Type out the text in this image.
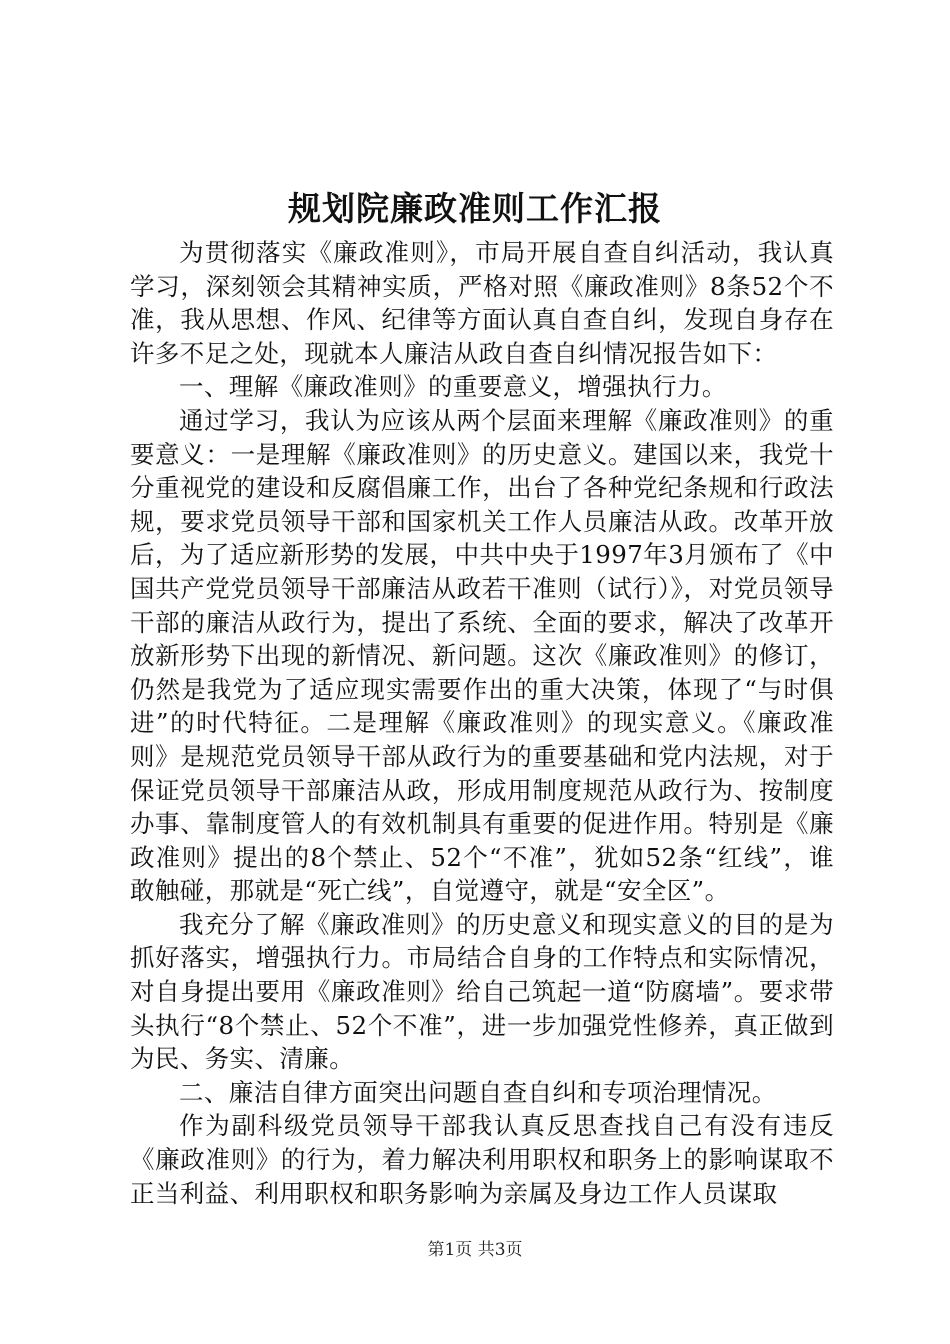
规划院廉政准则工作汇报

为贯彻落实《廉政准则》，市局开展自查自纠活动，我认真学习，深刻领会其精神实质，严格对照《廉政准则》8条52个不准，我从思想、作风、纪律等方面认真自查自纠，发现自身存在许多不足之处，现就本人廉洁从政自查自纠情况报告如下：

一、理解《廉政准则》的重要意义，增强执行力。

通过学习，我认为应该从两个层面来理解《廉政准则》的重要意义：一是理解《廉政准则》的历史意义。建国以来，我党十分重视党的建设和反腐倡廉工作，出台了各种党纪条规和行政法规，要求党员领导干部和国家机关工作人员廉洁从政。改革开放后，为了适应新形势的发展，中共中央于1997年3月颁布了《中国共产党党员领导干部廉洁从政若干准则（试行）》，对党员领导干部的廉洁从政行为，提出了系统、全面的要求，解决了改革开放新形势下出现的新情况、新问题。这次《廉政准则》的修订，仍然是我党为了适应现实需要作出的重大决策，体现了“与时俱进”的时代特征。二是理解《廉政准则》的现实意义。《廉政准则》是规范党员领导干部从政行为的重要基础和党内法规，对于保证党员领导干部廉洁从政，形成用制度规范从政行为、按制度办事、靠制度管人的有效机制具有重要的促进作用。特别是《廉政准则》提出的8个禁止、52个“不准”，犹如52条“红线”，谁敢触碰，那就是“死亡线”，自觉遵守，就是“安全区”。

我充分了解《廉政准则》的历史意义和现实意义的目的是为抓好落实，增强执行力。市局结合自身的工作特点和实际情况，对自身提出要用《廉政准则》给自己筑起一道“防腐墙”。要求带头执行“8个禁止、52个不准”，进一步加强党性修养，真正做到为民、务实、清廉。

二、廉洁自律方面突出问题自查自纠和专项治理情况。

作为副科级党员领导干部我认真反思查找自己有没有违反《廉政准则》的行为，着力解决利用职权和职务上的影响谋取不正当利益、利用职权和职务影响为亲属及身边工作人员谋取

第1页 共3页
